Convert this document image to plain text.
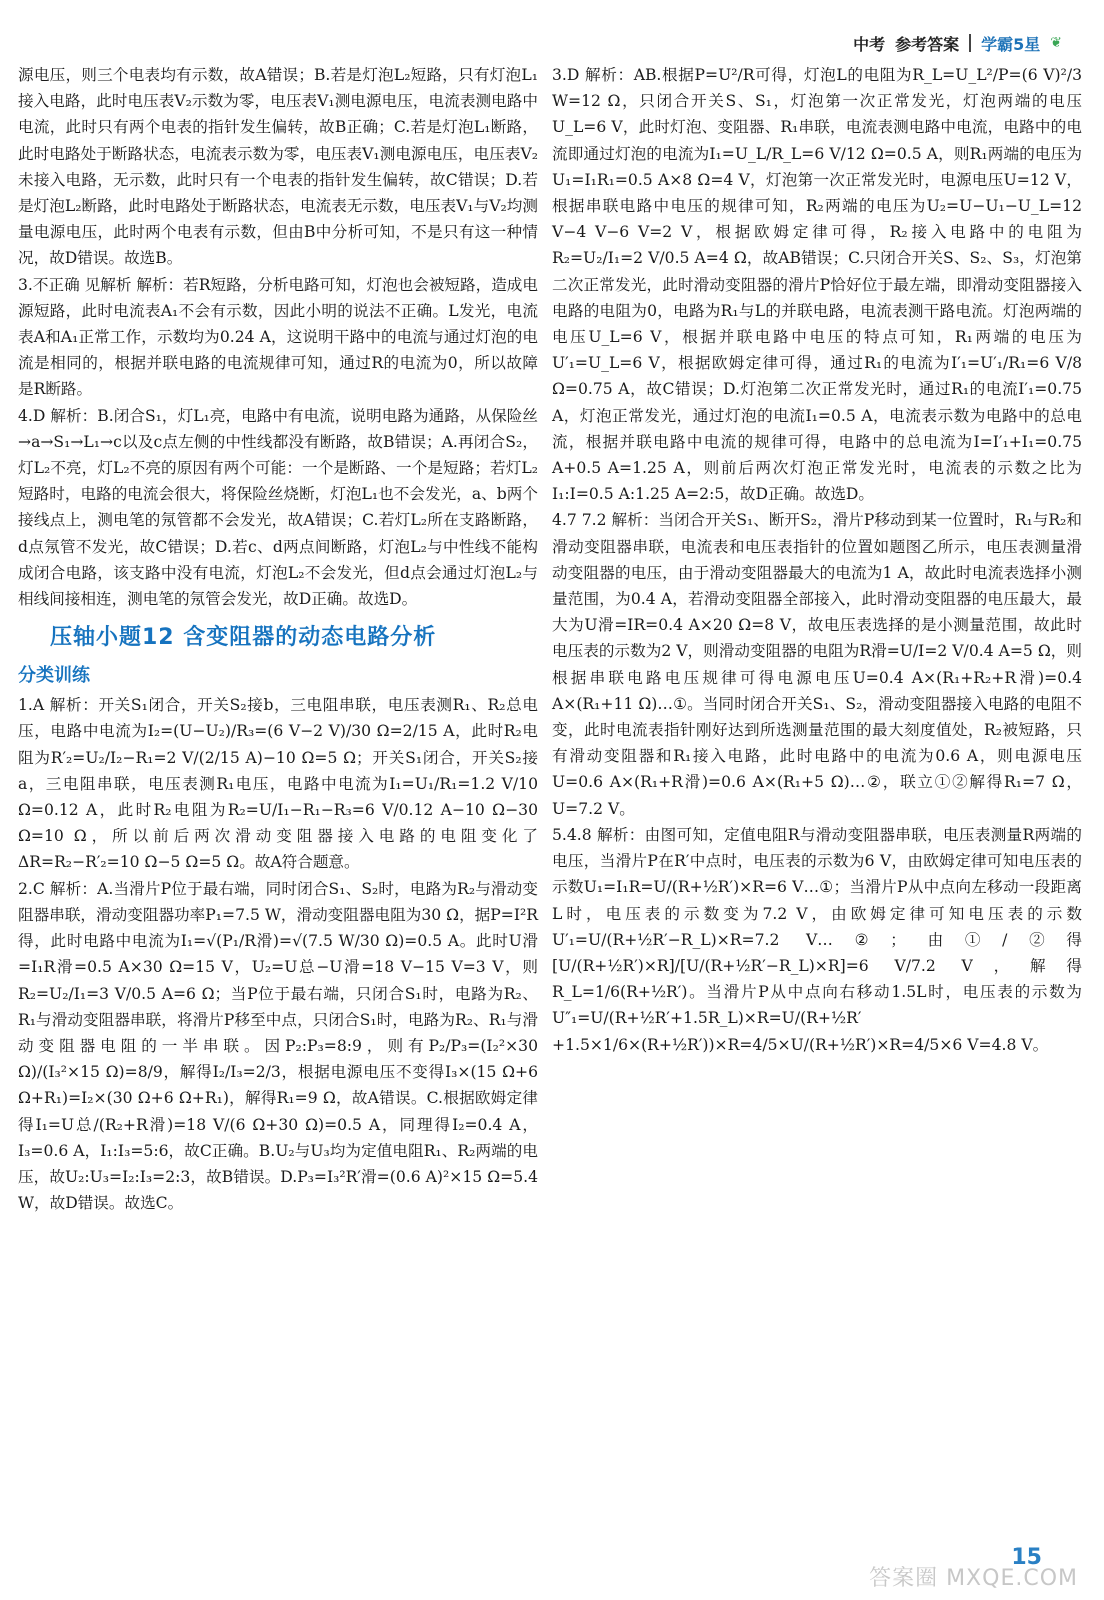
中考 参考答案 学霸5星 ❦

源电压，则三个电表均有示数，故A错误；B.若是灯泡L₂短路，只有灯泡L₁接入电路，此时电压表V₂示数为零，电压表V₁测电源电压，电流表测电路中电流，此时只有两个电表的指针发生偏转，故B正确；C.若是灯泡L₁断路，此时电路处于断路状态，电流表示数为零，电压表V₁测电源电压，电压表V₂未接入电路，无示数，此时只有一个电表的指针发生偏转，故C错误；D.若是灯泡L₂断路，此时电路处于断路状态，电流表无示数，电压表V₁与V₂均测量电源电压，此时两个电表有示数，但由B中分析可知，不是只有这一种情况，故D错误。故选B。

3.不正确 见解析 解析：若R短路，分析电路可知，灯泡也会被短路，造成电源短路，此时电流表A₁不会有示数，因此小明的说法不正确。L发光，电流表A和A₁正常工作，示数均为0.24 A，这说明干路中的电流与通过灯泡的电流是相同的，根据并联电路的电流规律可知，通过R的电流为0，所以故障是R断路。

4.D 解析：B.闭合S₁，灯L₁亮，电路中有电流，说明电路为通路，从保险丝→a→S₁→L₁→c以及c点左侧的中性线都没有断路，故B错误；A.再闭合S₂，灯L₂不亮，灯L₂不亮的原因有两个可能：一个是断路、一个是短路；若灯L₂短路时，电路的电流会很大，将保险丝烧断，灯泡L₁也不会发光，a、b两个接线点上，测电笔的氖管都不会发光，故A错误；C.若灯L₂所在支路断路，d点氖管不发光，故C错误；D.若c、d两点间断路，灯泡L₂与中性线不能构成闭合电路，该支路中没有电流，灯泡L₂不会发光，但d点会通过灯泡L₂与相线间接相连，测电笔的氖管会发光，故D正确。故选D。

压轴小题12 含变阻器的动态电路分析

分类训练

1.A 解析：开关S₁闭合，开关S₂接b，三电阻串联，电压表测R₁、R₂总电压，电路中电流为I₂=(U−U₂)/R₃=(6 V−2 V)/30 Ω=2/15 A，此时R₂电阻为R′₂=U₂/I₂−R₁=2 V/(2/15 A)−10 Ω=5 Ω；开关S₁闭合，开关S₂接a，三电阻串联，电压表测R₁电压，电路中电流为I₁=U₁/R₁=1.2 V/10 Ω=0.12 A，此时R₂电阻为R₂=U/I₁−R₁−R₃=6 V/0.12 A−10 Ω−30 Ω=10 Ω，所以前后两次滑动变阻器接入电路的电阻变化了ΔR=R₂−R′₂=10 Ω−5 Ω=5 Ω。故A符合题意。

2.C 解析：A.当滑片P位于最右端，同时闭合S₁、S₂时，电路为R₂与滑动变阻器串联，滑动变阻器功率P₁=7.5 W，滑动变阻器电阻为30 Ω，据P=I²R得，此时电路中电流为I₁=√(P₁/R滑)=√(7.5 W/30 Ω)=0.5 A。此时U滑=I₁R滑=0.5 A×30 Ω=15 V，U₂=U总−U滑=18 V−15 V=3 V，则R₂=U₂/I₁=3 V/0.5 A=6 Ω；当P位于最右端，只闭合S₁时，电路为R₂、R₁与滑动变阻器串联，将滑片P移至中点，只闭合S₁时，电路为R₂、R₁与滑动变阻器电阻的一半串联。因P₂:P₃=8:9，则有P₂/P₃=(I₂²×30 Ω)/(I₃²×15 Ω)=8/9，解得I₂/I₃=2/3，根据电源电压不变得I₃×(15 Ω+6 Ω+R₁)=I₂×(30 Ω+6 Ω+R₁)，解得R₁=9 Ω，故A错误。C.根据欧姆定律得I₁=U总/(R₂+R滑)=18 V/(6 Ω+30 Ω)=0.5 A，同理得I₂=0.4 A，I₃=0.6 A，I₁:I₃=5:6，故C正确。B.U₂与U₃均为定值电阻R₁、R₂两端的电压，故U₂:U₃=I₂:I₃=2:3，故B错误。D.P₃=I₃²R′滑=(0.6 A)²×15 Ω=5.4 W，故D错误。故选C。

3.D 解析：AB.根据P=U²/R可得，灯泡L的电阻为R_L=U_L²/P=(6 V)²/3 W=12 Ω，只闭合开关S、S₁，灯泡第一次正常发光，灯泡两端的电压U_L=6 V，此时灯泡、变阻器、R₁串联，电流表测电路中电流，电路中的电流即通过灯泡的电流为I₁=U_L/R_L=6 V/12 Ω=0.5 A，则R₁两端的电压为U₁=I₁R₁=0.5 A×8 Ω=4 V，灯泡第一次正常发光时，电源电压U=12 V，根据串联电路中电压的规律可知，R₂两端的电压为U₂=U−U₁−U_L=12 V−4 V−6 V=2 V，根据欧姆定律可得，R₂接入电路中的电阻为R₂=U₂/I₁=2 V/0.5 A=4 Ω，故AB错误；C.只闭合开关S、S₂、S₃，灯泡第二次正常发光，此时滑动变阻器的滑片P恰好位于最左端，即滑动变阻器接入电路的电阻为0，电路为R₁与L的并联电路，电流表测干路电流。灯泡两端的电压U_L=6 V，根据并联电路中电压的特点可知，R₁两端的电压为U′₁=U_L=6 V，根据欧姆定律可得，通过R₁的电流为I′₁=U′₁/R₁=6 V/8 Ω=0.75 A，故C错误；D.灯泡第二次正常发光时，通过R₁的电流I′₁=0.75 A，灯泡正常发光，通过灯泡的电流I₁=0.5 A，电流表示数为电路中的总电流，根据并联电路中电流的规律可得，电路中的总电流为I=I′₁+I₁=0.75 A+0.5 A=1.25 A，则前后两次灯泡正常发光时，电流表的示数之比为I₁:I=0.5 A:1.25 A=2:5，故D正确。故选D。

4.7 7.2 解析：当闭合开关S₁、断开S₂，滑片P移动到某一位置时，R₁与R₂和滑动变阻器串联，电流表和电压表指针的位置如题图乙所示，电压表测量滑动变阻器的电压，由于滑动变阻器最大的电流为1 A，故此时电流表选择小测量范围，为0.4 A，若滑动变阻器全部接入，此时滑动变阻器的电压最大，最大为U滑=IR=0.4 A×20 Ω=8 V，故电压表选择的是小测量范围，故此时电压表的示数为2 V，则滑动变阻器的电阻为R滑=U/I=2 V/0.4 A=5 Ω，则根据串联电路电压规律可得电源电压U=0.4 A×(R₁+R₂+R滑)=0.4 A×(R₁+11 Ω)…①。当同时闭合开关S₁、S₂，滑动变阻器接入电路的电阻不变，此时电流表指针刚好达到所选测量范围的最大刻度值处，R₂被短路，只有滑动变阻器和R₁接入电路，此时电路中的电流为0.6 A，则电源电压U=0.6 A×(R₁+R滑)=0.6 A×(R₁+5 Ω)…②，联立①②解得R₁=7 Ω，U=7.2 V。

5.4.8 解析：由图可知，定值电阻R与滑动变阻器串联，电压表测量R两端的电压，当滑片P在R′中点时，电压表的示数为6 V，由欧姆定律可知电压表的示数U₁=I₁R=U/(R+½R′)×R=6 V…①；当滑片P从中点向左移动一段距离L时，电压表的示数变为7.2 V，由欧姆定律可知电压表的示数U′₁=U/(R+½R′−R_L)×R=7.2 V…②；由①/②得[U/(R+½R′)×R]/[U/(R+½R′−R_L)×R]=6 V/7.2 V，解得R_L=1/6(R+½R′)。当滑片P从中点向右移动1.5L时，电压表的示数为U″₁=U/(R+½R′+1.5R_L)×R=U/(R+½R′+1.5×1/6×(R+½R′))×R=4/5×U/(R+½R′)×R=4/5×6 V=4.8 V。

15
答案圈 MXQE.COM
